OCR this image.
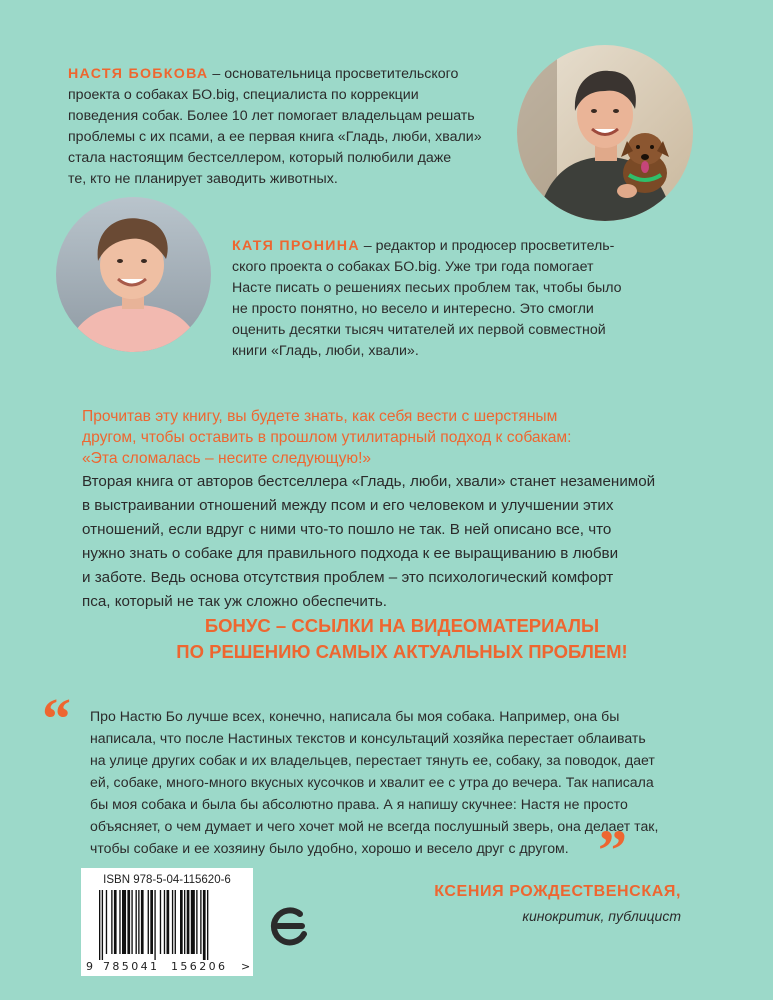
НАСТЯ БОБКОВА – основательница просветительского
проекта о собаках БО.big, специалиста по коррекции
поведения собак. Более 10 лет помогает владельцам решать
проблемы с их псами, а ее первая книга «Гладь, люби, хвали»
стала настоящим бестселлером, который полюбили даже
те, кто не планирует заводить животных.
КАТЯ ПРОНИНА – редактор и продюсер просветитель-
ского проекта о собаках БО.big. Уже три года помогает
Насте писать о решениях песьих проблем так, чтобы было
не просто понятно, но весело и интересно. Это смогли
оценить десятки тысяч читателей их первой совместной
книги «Гладь, люби, хвали».
Прочитав эту книгу, вы будете знать, как себя вести с шерстяным
другом, чтобы оставить в прошлом утилитарный подход к собакам:
«Эта сломалась – несите следующую!»
Вторая книга от авторов бестселлера «Гладь, люби, хвали» станет незаменимой
в выстраивании отношений между псом и его человеком и улучшении этих
отношений, если вдруг с ними что-то пошло не так. В ней описано все, что
нужно знать о собаке для правильного подхода к ее выращиванию в любви
и заботе. Ведь основа отсутствия проблем – это психологический комфорт
пса, который не так уж сложно обеспечить.
БОНУС – ССЫЛКИ НА ВИДЕОМАТЕРИАЛЫ
ПО РЕШЕНИЮ САМЫХ АКТУАЛЬНЫХ ПРОБЛЕМ!
“ Про Настю Бо лучше всех, конечно, написала бы моя собака. Например, она бы
написала, что после Настиных текстов и консультаций хозяйка перестает облаивать
на улице других собак и их владельцев, перестает тянуть ее, собаку, за поводок, дает
ей, собаке, много-много вкусных кусочков и хвалит ее с утра до вечера. Так написала
бы моя собака и была бы абсолютно права. А я напишу скучнее: Настя не просто
объясняет, о чем думает и чего хочет мой не всегда послушный зверь, она делает так,
чтобы собаке и ее хозяину было удобно, хорошо и весело друг с другом. ”
КСЕНИЯ РОЖДЕСТВЕНСКАЯ,
кинокритик, публицист
ISBN 978-5-04-115620-6
9 785041 156206 >
